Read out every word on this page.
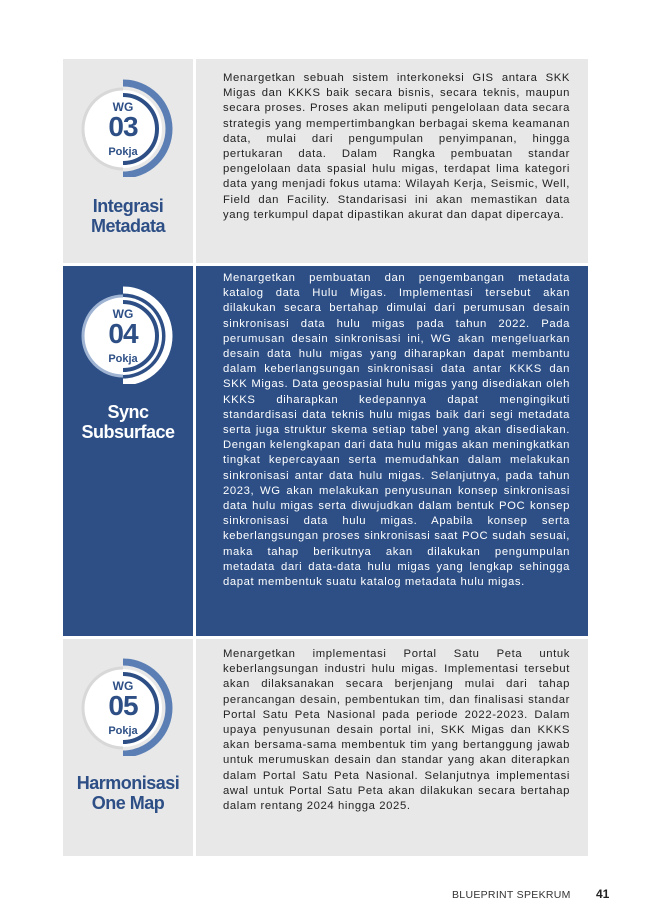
WG
03
Pokja
Integrasi
Metadata
Menargetkan sebuah sistem interkoneksi GIS antara SKK Migas dan KKKS baik secara bisnis, secara teknis, maupun secara proses. Proses akan meliputi pengelolaan data secara strategis yang mempertimbangkan berbagai skema keamanan data, mulai dari pengumpulan penyimpanan, hingga pertukaran data. Dalam Rangka pembuatan standar pengelolaan data spasial hulu migas, terdapat lima kategori data yang menjadi fokus utama: Wilayah Kerja, Seismic, Well, Field dan Facility. Standarisasi ini akan memastikan data yang terkumpul dapat dipastikan akurat dan dapat dipercaya.
WG
04
Pokja
Sync
Subsurface
Menargetkan pembuatan dan pengembangan metadata katalog data Hulu Migas. Implementasi tersebut akan dilakukan secara bertahap dimulai dari perumusan desain sinkronisasi data hulu migas pada tahun 2022. Pada perumusan desain sinkronisasi ini, WG akan mengeluarkan desain data hulu migas yang diharapkan dapat membantu dalam keberlangsungan sinkronisasi data antar KKKS dan SKK Migas. Data geospasial hulu migas yang disediakan oleh KKKS diharapkan kedepannya dapat mengingikuti standardisasi data teknis hulu migas baik dari segi metadata serta juga struktur skema setiap tabel yang akan disediakan. Dengan kelengkapan dari data hulu migas akan meningkatkan tingkat kepercayaan serta memudahkan dalam melakukan sinkronisasi antar data hulu migas. Selanjutnya, pada tahun 2023, WG akan melakukan penyusunan konsep sinkronisasi data hulu migas serta diwujudkan dalam bentuk POC konsep sinkronisasi data hulu migas. Apabila konsep serta keberlangsungan proses sinkronisasi saat POC sudah sesuai, maka tahap berikutnya akan dilakukan pengumpulan metadata dari data-data hulu migas yang lengkap sehingga dapat membentuk suatu katalog metadata hulu migas.
WG
05
Pokja
Harmonisasi
One Map
Menargetkan implementasi Portal Satu Peta untuk keberlangsungan industri hulu migas. Implementasi tersebut akan dilaksanakan secara berjenjang mulai dari tahap perancangan desain, pembentukan tim, dan finalisasi standar Portal Satu Peta Nasional pada periode 2022-2023. Dalam upaya penyusunan desain portal ini, SKK Migas dan KKKS akan bersama-sama membentuk tim yang bertanggung jawab untuk merumuskan desain dan standar yang akan diterapkan dalam Portal Satu Peta Nasional. Selanjutnya implementasi awal untuk Portal Satu Peta akan dilakukan secara bertahap dalam rentang 2024 hingga 2025.
BLUEPRINT SPEKRUM 41
